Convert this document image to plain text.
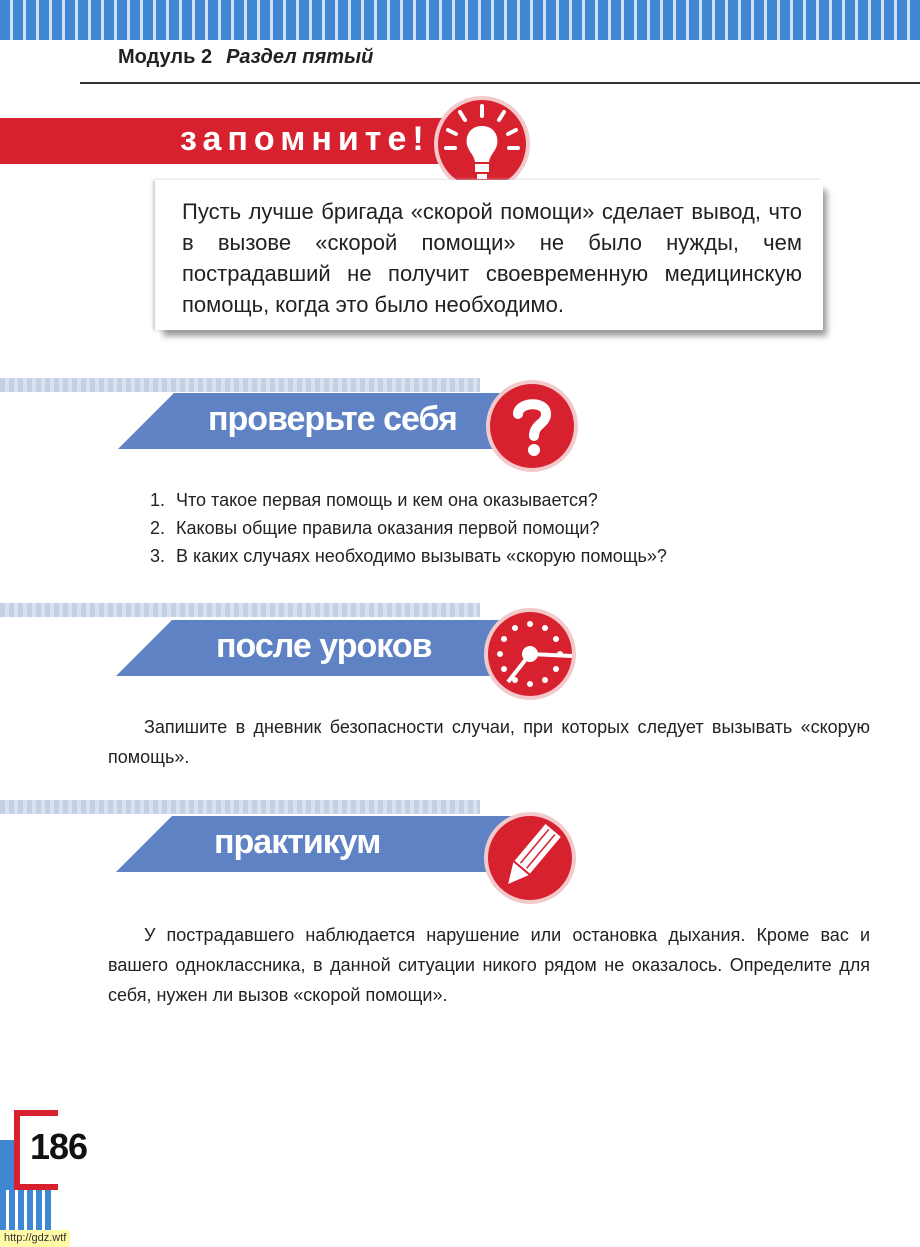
Модуль 2 Раздел пятый
запомните!
Пусть лучше бригада «скорой помощи» сделает вывод, что в вызове «скорой помощи» не было нужды, чем пострадавший не получит своевременную медицинскую помощь, когда это было необходимо.
проверьте себя
1. Что такое первая помощь и кем она оказывается?
2. Каковы общие правила оказания первой помощи?
3. В каких случаях необходимо вызывать «скорую помощь»?
после уроков
Запишите в дневник безопасности случаи, при которых следует вызывать «скорую помощь».
практикум
У пострадавшего наблюдается нарушение или остановка дыхания. Кроме вас и вашего одноклассника, в данной ситуации никого рядом не оказалось. Определите для себя, нужен ли вызов «скорой помощи».
186
http://gdz.wtf
